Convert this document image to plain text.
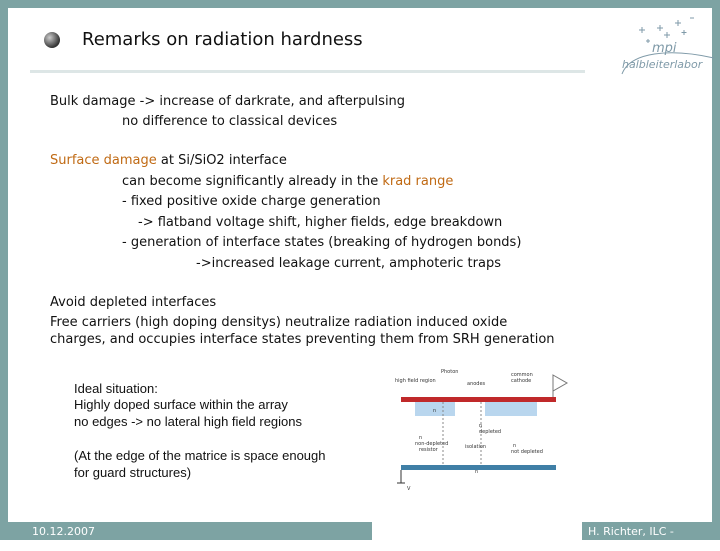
Remarks on radiation hardness	mpi
halbleiterlabor
Bulk damage -> increase of darkrate, and afterpulsing
no difference to classical devices
Surface damage at Si/SiO2 interface
can become significantly already in the krad range
- fixed positive oxide charge generation
-> flatband voltage shift, higher fields, edge breakdown
- generation of interface states (breaking of hydrogen bonds)
->increased leakage current, amphoteric traps
Avoid depleted interfaces
Free carriers (high doping densitys) neutralize radiation induced oxide
charges, and occupies interface states preventing them from SRH generation
Ideal situation:
Highly doped surface within the array
no edges -> no lateral high field regions
(At the edge of the matrice is space enough
for guard structures)
Photon
high field region	anodes
common
cathode
n
n
depleted
n
non-depleted
resistor	isolation	n
not depleted
n
V
10.12.2007	H. Richter, ILC - Meeting
